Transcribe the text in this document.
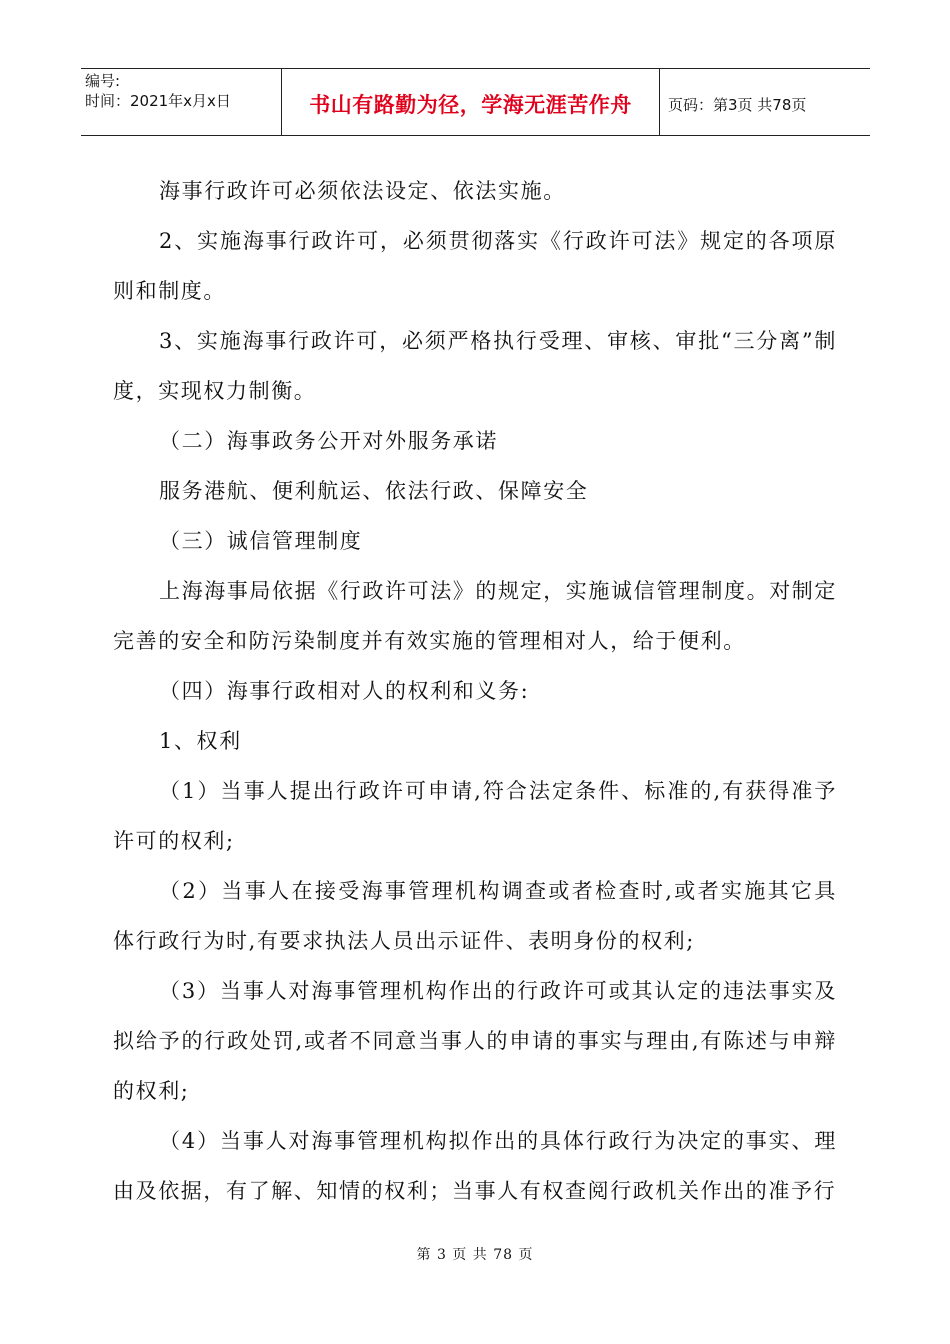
编号:
时间：2021年x月x日	书山有路勤为径，学海无涯苦作舟	页码：第3页 共78页

海事行政许可必须依法设定、依法实施。

2、实施海事行政许可，必须贯彻落实《行政许可法》规定的各项原则和制度。

3、实施海事行政许可，必须严格执行受理、审核、审批“三分离”制度，实现权力制衡。

（二）海事政务公开对外服务承诺

服务港航、便利航运、依法行政、保障安全

（三）诚信管理制度

上海海事局依据《行政许可法》的规定，实施诚信管理制度。对制定完善的安全和防污染制度并有效实施的管理相对人，给于便利。

（四）海事行政相对人的权利和义务:

1、权利

（1）当事人提出行政许可申请,符合法定条件、标准的,有获得准予许可的权利;

（2）当事人在接受海事管理机构调查或者检查时,或者实施其它具体行政行为时,有要求执法人员出示证件、表明身份的权利;

（3）当事人对海事管理机构作出的行政许可或其认定的违法事实及拟给予的行政处罚,或者不同意当事人的申请的事实与理由,有陈述与申辩的权利;

（4）当事人对海事管理机构拟作出的具体行政行为决定的事实、理由及依据，有了解、知情的权利；当事人有权查阅行政机关作出的准予行

第 3 页 共 78 页
